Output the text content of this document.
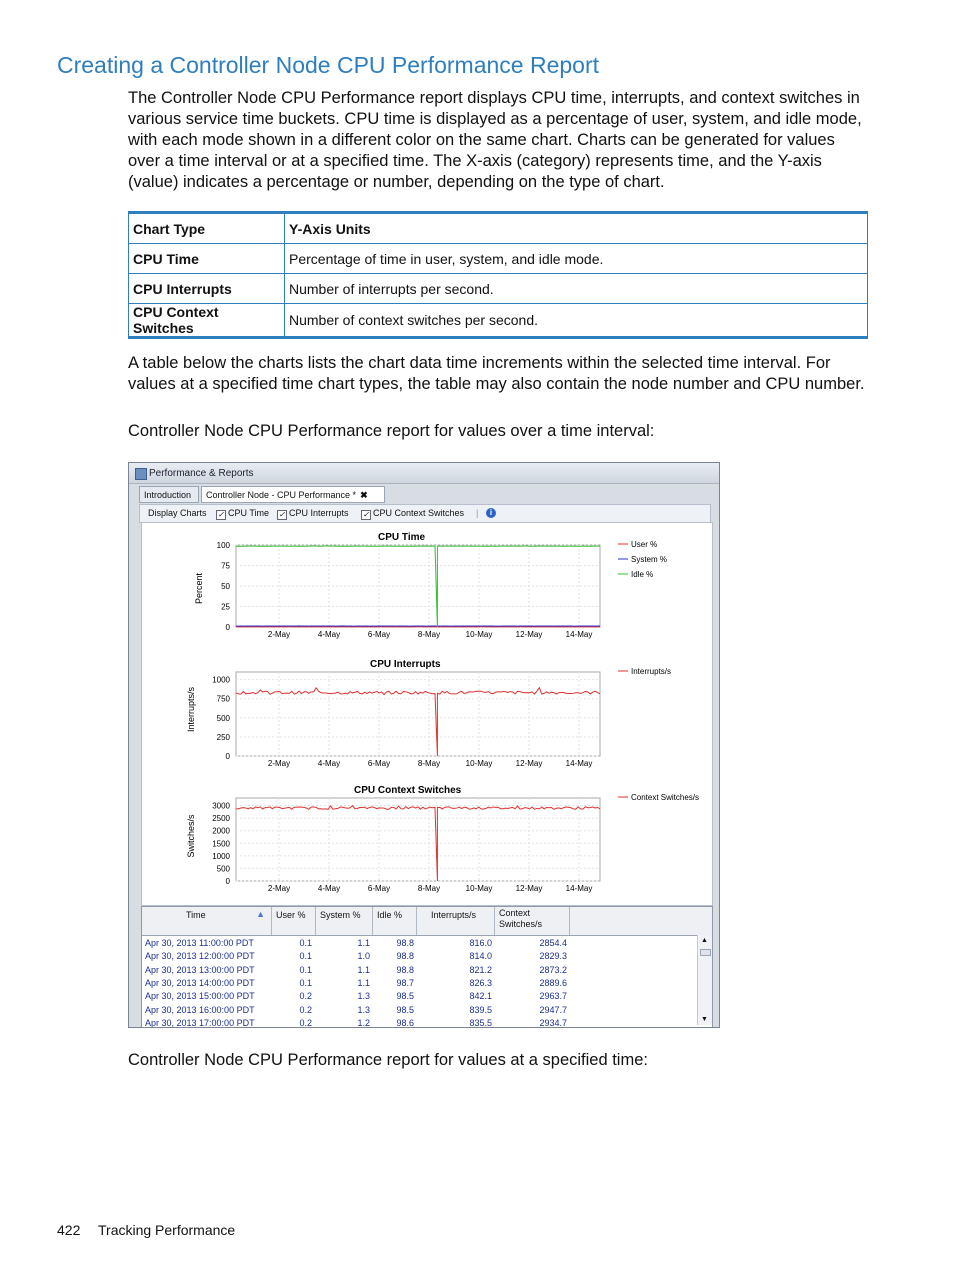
Creating a Controller Node CPU Performance Report

The Controller Node CPU Performance report displays CPU time, interrupts, and context switches in various service time buckets. CPU time is displayed as a percentage of user, system, and idle mode, with each mode shown in a different color on the same chart. Charts can be generated for values over a time interval or at a specified time. The X-axis (category) represents time, and the Y-axis (value) indicates a percentage or number, depending on the type of chart.

Chart Type	Y-Axis Units
CPU Time	Percentage of time in user, system, and idle mode.
CPU Interrupts	Number of interrupts per second.
CPU Context Switches	Number of context switches per second.

A table below the charts lists the chart data time increments within the selected time interval. For values at a specified time chart types, the table may also contain the node number and CPU number.

Controller Node CPU Performance report for values over a time interval:

Performance & Reports
Introduction	Controller Node - CPU Performance * ✖
Display Charts ✓ CPU Time ✓ CPU Interrupts ✓ CPU Context Switches |	i
CPU Time
Percent
0
25
50
75
100
2-May	4-May	6-May	8-May	10-May	12-May	14-May
User %
System %
Idle %
CPU Interrupts
Interrupts/s
0
250
500
750
1000
2-May	4-May	6-May	8-May	10-May	12-May	14-May
Interrupts/s
CPU Context Switches
Switches/s
0
500
1000
1500
2000
2500
3000
2-May	4-May	6-May	8-May	10-May	12-May	14-May
Context Switches/s
Time	▲	User %	System %	Idle %	Interrupts/s	Context Switches/s
Apr 30, 2013 11:00:00 PDT	0.1	1.1	98.8	816.0	2854.4
Apr 30, 2013 12:00:00 PDT	0.1	1.0	98.8	814.0	2829.3
Apr 30, 2013 13:00:00 PDT	0.1	1.1	98.8	821.2	2873.2
Apr 30, 2013 14:00:00 PDT	0.1	1.1	98.7	826.3	2889.6
Apr 30, 2013 15:00:00 PDT	0.2	1.3	98.5	842.1	2963.7
Apr 30, 2013 16:00:00 PDT	0.2	1.3	98.5	839.5	2947.7
Apr 30, 2013 17:00:00 PDT	0.2	1.2	98.6	835.5	2934.7
▲
▼

Controller Node CPU Performance report for values at a specified time:

422 Tracking Performance
